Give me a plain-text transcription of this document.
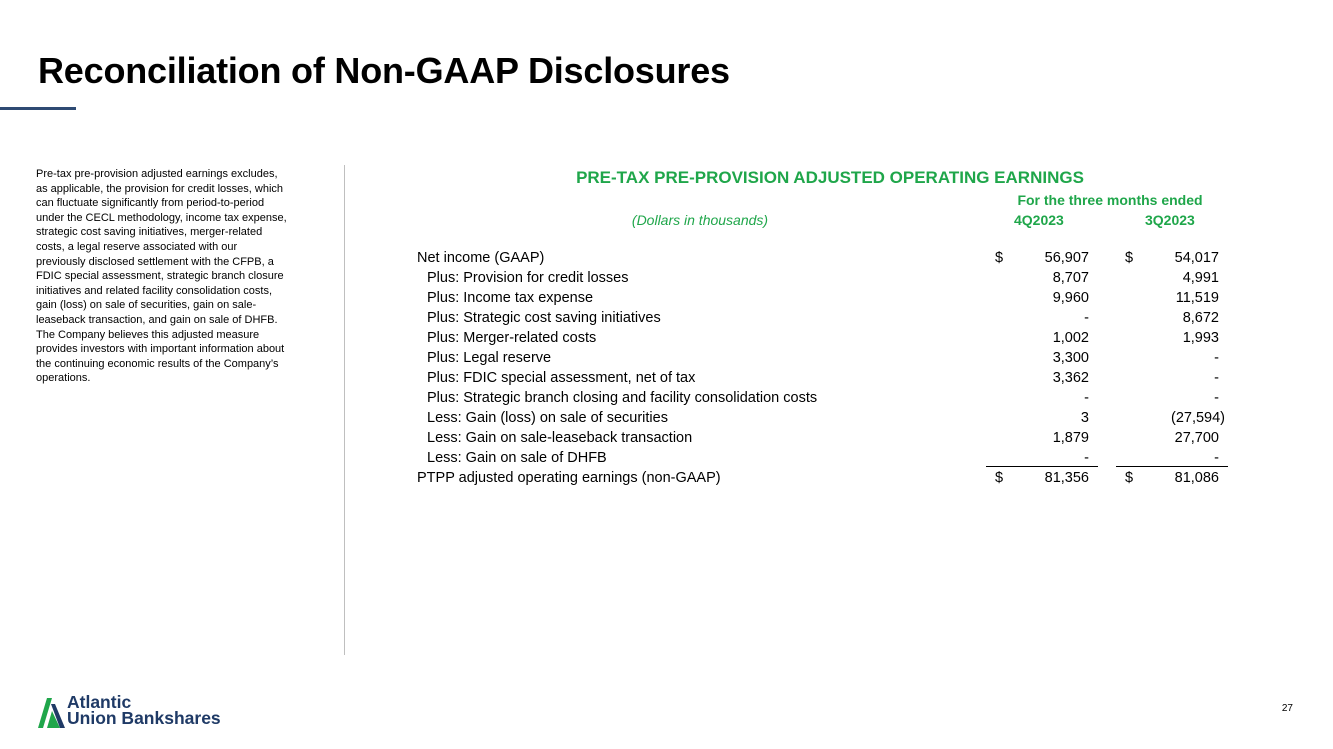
Reconciliation of Non-GAAP Disclosures
Pre-tax pre-provision adjusted earnings excludes, as applicable, the provision for credit losses, which can fluctuate significantly from period-to-period under the CECL methodology, income tax expense, strategic cost saving initiatives, merger-related costs, a legal reserve associated with our previously disclosed settlement with the CFPB, a FDIC special assessment, strategic branch closure initiatives and related facility consolidation costs, gain (loss) on sale of securities, gain on sale-leaseback transaction, and gain on sale of DHFB. The Company believes this adjusted measure provides investors with important information about the continuing economic results of the Company’s operations.
PRE-TAX PRE-PROVISION ADJUSTED OPERATING EARNINGS
For the three months ended
(Dollars in thousands)	4Q2023	3Q2023
Net income (GAAP)	$	56,907 $	54,017
Plus: Provision for credit losses	8,707	4,991
Plus: Income tax expense	9,960	11,519
Plus: Strategic cost saving initiatives	-	8,672
Plus: Merger-related costs	1,002	1,993
Plus: Legal reserve	3,300	-
Plus: FDIC special assessment, net of tax	3,362	-
Plus: Strategic branch closing and facility consolidation costs	-	-
Less: Gain (loss) on sale of securities	3	(27,594)
Less: Gain on sale-leaseback transaction	1,879	27,700
Less: Gain on sale of DHFB	-	-
PTPP adjusted operating earnings (non-GAAP)	$	81,356 $	81,086
Atlantic
Union Bankshares	27
